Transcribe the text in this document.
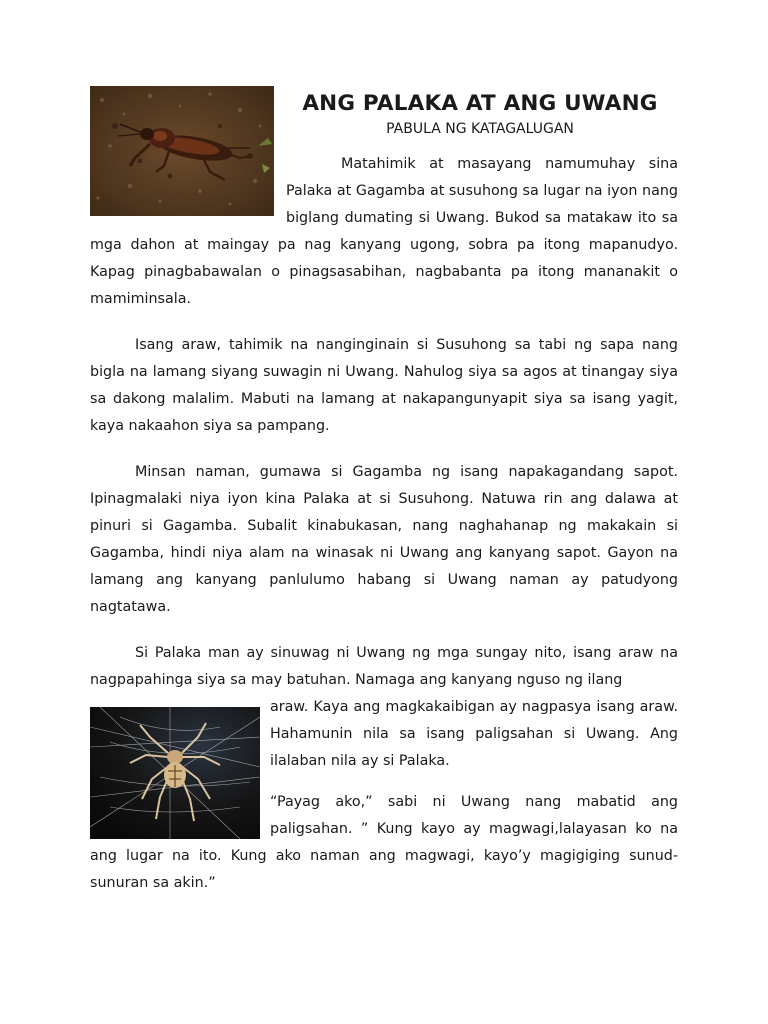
ANG PALAKA AT ANG UWANG
PABULA NG KATAGALUGAN

Matahimik at masayang namumuhay sina Palaka at Gagamba at susuhong sa lugar na iyon nang biglang dumating si Uwang. Bukod sa matakaw ito sa mga dahon at maingay pa nag kanyang ugong, sobra pa itong mapanudyo. Kapag pinagbabawalan o pinagsasabihan, nagbabanta pa itong mananakit o mamiminsala.

Isang araw, tahimik na nanginginain si Susuhong sa tabi ng sapa nang bigla na lamang siyang suwagin ni Uwang. Nahulog siya sa agos at tinangay siya sa dakong malalim. Mabuti na lamang at nakapangunyapit siya sa isang yagit, kaya nakaahon siya sa pampang.

Minsan naman, gumawa si Gagamba ng isang napakagandang sapot. Ipinagmalaki niya iyon kina Palaka at si Susuhong. Natuwa rin ang dalawa at pinuri si Gagamba. Subalit kinabukasan, nang naghahanap ng makakain si Gagamba, hindi niya alam na winasak ni Uwang ang kanyang sapot. Gayon na lamang ang kanyang panlulumo habang si Uwang naman ay patudyong nagtatawa.

Si Palaka man ay sinuwag ni Uwang ng mga sungay nito, isang araw na nagpapahinga siya sa may batuhan. Namaga ang kanyang nguso ng ilang

araw. Kaya ang magkakaibigan ay nagpasya isang araw. Hahamunin nila sa isang paligsahan si Uwang. Ang ilalaban nila ay si Palaka.

“Payag ako,” sabi ni Uwang nang mabatid ang paligsahan. ” Kung kayo ay magwagi,lalayasan ko na ang lugar na ito. Kung ako naman ang magwagi, kayo’y magigiging sunud-sunuran sa akin.”
